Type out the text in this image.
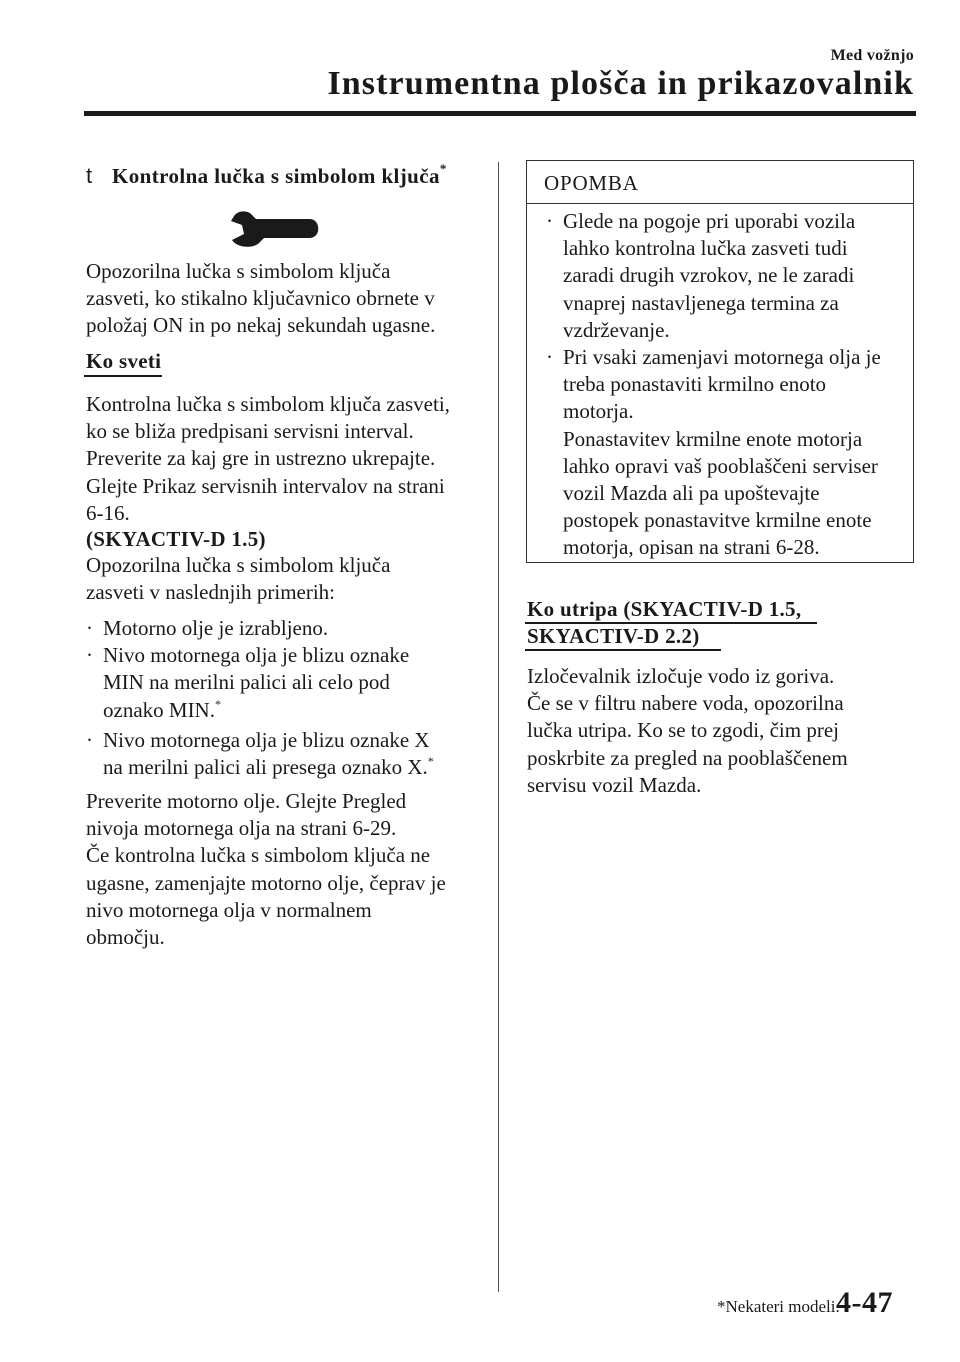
Med vožnjo
Instrumentna plošča in prikazovalnik
t Kontrolna lučka s simbolom ključa*
Opozorilna lučka s simbolom ključa
zasveti, ko stikalno ključavnico obrnete v
položaj ON in po nekaj sekundah ugasne.
Ko sveti
Kontrolna lučka s simbolom ključa zasveti,
ko se bliža predpisani servisni interval.
Preverite za kaj gre in ustrezno ukrepajte.
Glejte Prikaz servisnih intervalov na strani
6-16.
(SKYACTIV-D 1.5)
Opozorilna lučka s simbolom ključa
zasveti v naslednjih primerih:
· Motorno olje je izrabljeno.
· Nivo motornega olja je blizu oznake
MIN na merilni palici ali celo pod
oznako MIN.*
· Nivo motornega olja je blizu oznake X
na merilni palici ali presega oznako X.*
Preverite motorno olje. Glejte Pregled
nivoja motornega olja na strani 6-29.
Če kontrolna lučka s simbolom ključa ne
ugasne, zamenjajte motorno olje, čeprav je
nivo motornega olja v normalnem
območju.
OPOMBA
· Glede na pogoje pri uporabi vozila
lahko kontrolna lučka zasveti tudi
zaradi drugih vzrokov, ne le zaradi
vnaprej nastavljenega termina za
vzdrževanje.
· Pri vsaki zamenjavi motornega olja je
treba ponastaviti krmilno enoto
motorja.
Ponastavitev krmilne enote motorja
lahko opravi vaš pooblaščeni serviser
vozil Mazda ali pa upoštevajte
postopek ponastavitve krmilne enote
motorja, opisan na strani 6-28.
Ko utripa (SKYACTIV-D 1.5,
SKYACTIV-D 2.2)
Izločevalnik izločuje vodo iz goriva.
Če se v filtru nabere voda, opozorilna
lučka utripa. Ko se to zgodi, čim prej
poskrbite za pregled na pooblaščenem
servisu vozil Mazda.
*Nekateri modeli.
4-47
